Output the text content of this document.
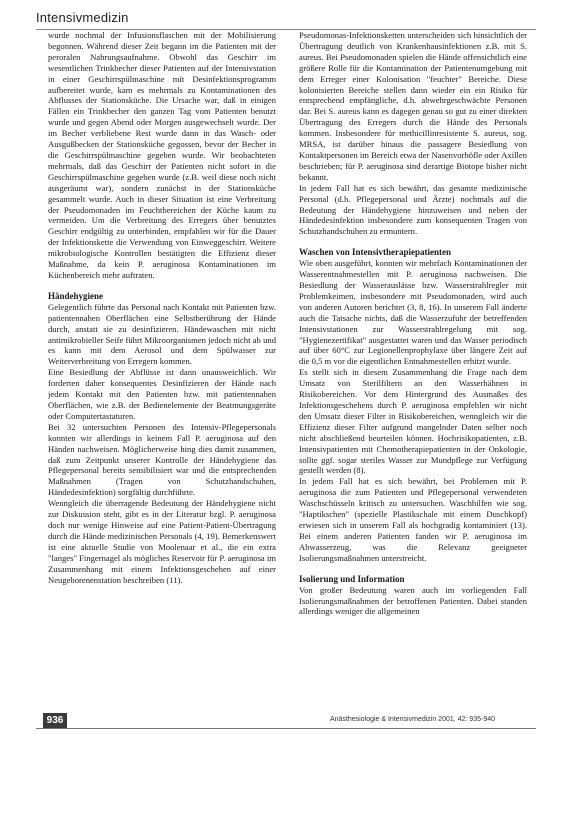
Intensivmedizin

wurde nochmal der Infusionsflaschen mit der Mobilisierung begonnen. Während dieser Zeit begann im die Patienten mit der peroralen Nahrungsaufnahme. Obwohl das Geschirr im wesentlichen Trinkbecher dieser Patienten auf der Intensivstation in einer Geschirrspülmaschine mit Desinfektionsprogramm aufbereitet wurde, kam es mehrmals zu Kontaminationen des Abflusses der Stationsküche. Die Ursache war, daß in einigen Fällen ein Trinkbecher den ganzen Tag vom Patienten benutzt wurde und gegen Abend oder Morgen ausgewechselt wurde. Der im Becher verbliebene Rest wurde dann in das Wasch- oder Ausgußbecken der Stationsküche gegossen, bevor der Becher in die Geschirrspülmaschine gegeben wurde. Wir beobachteten mehrmals, daß das Geschirr der Patienten nicht sofort in die Geschirrspülmaschine gegeben wurde (z.B. weil diese noch nicht ausgeräumt war), sondern zunächst in der Stationsküche gesammelt wurde. Auch in dieser Situation ist eine Verbreitung der Pseudomonaden im Feuchtbereichen der Küche kaum zu vermeiden. Um die Verbreitung des Erregers über benutztes Geschirr endgültig zu unterbinden, empfahlen wir für die Dauer der Infektionskette die Verwendung von Einweggeschirr. Weitere mikrobiologische Kontrollen bestätigten die Effizienz dieser Maßnahme, da kein P. aeruginosa Kontaminationen im Küchenbereich mehr auftraten.

Händehygiene

Gelegentlich führte das Personal nach Kontakt mit Patienten bzw. patientennahen Oberflächen eine Selbstberührung der Hände durch, anstatt sie zu desinfizieren. Händewaschen mit nicht antimikrobieller Seife führt Mikroorganismen jedoch nicht ab und es kann mit dem Aerosol und dem Spülwasser zur Weiterverbreitung von Erregern kommen.

Eine Besiedlung der Abflüsse ist dann unausweichlich. Wir forderten daher konsequentes Desinfizieren der Hände nach jedem Kontakt mit den Patienten bzw. mit patientennahen Oberflächen, wie z.B. der Bedienelemente der Beatmungsgeräte oder Computertastaturen.

Bei 32 untersuchten Personen des Intensiv-Pflegepersonals konnten wir allerdings in keinem Fall P. aeruginosa auf den Händen nachweisen. Möglicherweise hing dies damit zusammen, daß zum Zeitpunkt unserer Kontrolle der Händehygiene das Pflegepersonal bereits sensibilisiert war und die entsprechenden Maßnahmen (Tragen von Schutzhandschuhen, Händedesinfektion) sorgfältig durchführte.

Wenngleich die überragende Bedeutung der Händehygiene nicht zur Diskussion steht, gibt es in der Literatur bzgl. P. aeruginosa doch nur wenige Hinweise auf eine Patient-Patient-Übertragung durch die Hände medizinischen Personals (4, 19). Bemerkenswert ist eine aktuelle Studie von Moolenaar et al., die ein extra "langes" Fingernagel als mögliches Reservoir für P. aeruginosa im Zusammenhang mit einem Infektionsgeschehen auf einer Neugeborenenstation beschreiben (11).

Pseudomonas-Infektionsketten unterscheiden sich hinsichtlich der Übertragung deutlich von Krankenhausinfektionen z.B. mit S. aureus. Bei Pseudomonaden spielen die Hände offensichtlich eine größere Rolle für die Kontamination der Patientenumgebung mit dem Erreger einer Kolonisation "feuchter" Bereiche. Diese kolonisierten Bereiche stellen dann wieder ein ein Risiko für entsprechend empfängliche, d.h. abwehrgeschwächte Personen dar. Bei S. aureus kann es dagegen genau so gut zu einer direkten Übertragung des Erregers durch die Hände des Personals kommen. Insbesondere für methicillinresistente S. aureus, sog. MRSA, ist darüber hinaus die passagere Besiedlung von Kontaktpersonen im Bereich etwa der Nasenvorhöfle oder Axillen beschrieben; für P. aeruginosa sind derartige Biotope bisher nicht bekannt.

In jedem Fall hat es sich bewährt, das gesamte medizinische Personal (d.h. Pflegepersonal und Ärzte) nochmals auf die Bedeutung der Händehygiene hinzuweisen und neben der Händedesinfektion insbesondere zum konsequenten Tragen von Schutzhandschuhen zu ermuntern.

Waschen von Intensivtherapiepatienten

Wie oben ausgeführt, konnten wir mehrfach Kontaminationen der Wasserentnahmestellen mit P. aeruginosa nachweisen. Die Besiedlung der Wasserauslässe bzw. Wasserstrahlregler mit Problemkeimen, insbesondere mit Pseudomonaden, wird auch von anderen Autoren berichtet (3, 8, 16). In unserem Fall änderte auch die Tatsache nichts, daß die Wasserzufuhr der betreffenden Intensivstationen zur Wasserstrahlregelung mit sog. "Hygienezertifikat" ausgestattet waren und das Wasser periodisch auf über 60°C zur Legionellenprophylaxe über längere Zeit auf die 0,5 m vor die eigentlichen Entnahmestellen erhitzt wurde.

Es stellt sich in diesem Zusammenhang die Frage nach dem Umsatz von Sterilfiltern an den Wasserhähnen in Risikobereichen. Vor dem Hintergrund des Ausmaßes des Infektionsgeschehens durch P. aeruginosa empfehlen wir nicht den Umsatz dieser Filter in Risikobereichen, wenngleich wir die Effizienz dieser Filter aufgrund mangelnder Daten selber noch nicht abschließend beurteilen können. Hochrisikopatienten, z.B. Intensivpatienten mit Chemotherapiepatienten in der Onkologie, sollte ggf. sogar steriles Wasser zur Mundpflege zur Verfügung gestellt werden (8).

In jedem Fall hat es sich bewährt, bei Problemen mit P. aeruginosa die zum Patienten und Pflegepersonal verwendeten Waschschüsseln kritisch zu untersuchen. Waschhilfen wie sog. "Haptikschen" (spezielle Plastikschale mit einem Duschkopf) erwiesen sich in unserem Fall als hochgradig kontaminiert (13). Bei einem anderen Patienten fanden wir P. aeruginosa im Abwasserzeug, was die Relevanz geeigneter Isolierungsmaßnahmen unterstreicht.

Isolierung und Information

Von großer Bedeutung waren auch im vorliegenden Fall Isolierungsmaßnahmen der betroffenen Patienten. Dabei standen allerdings weniger die allgemeinen

936	Anästhesiologie & Intensivmedizin 2001, 42: 935-940
